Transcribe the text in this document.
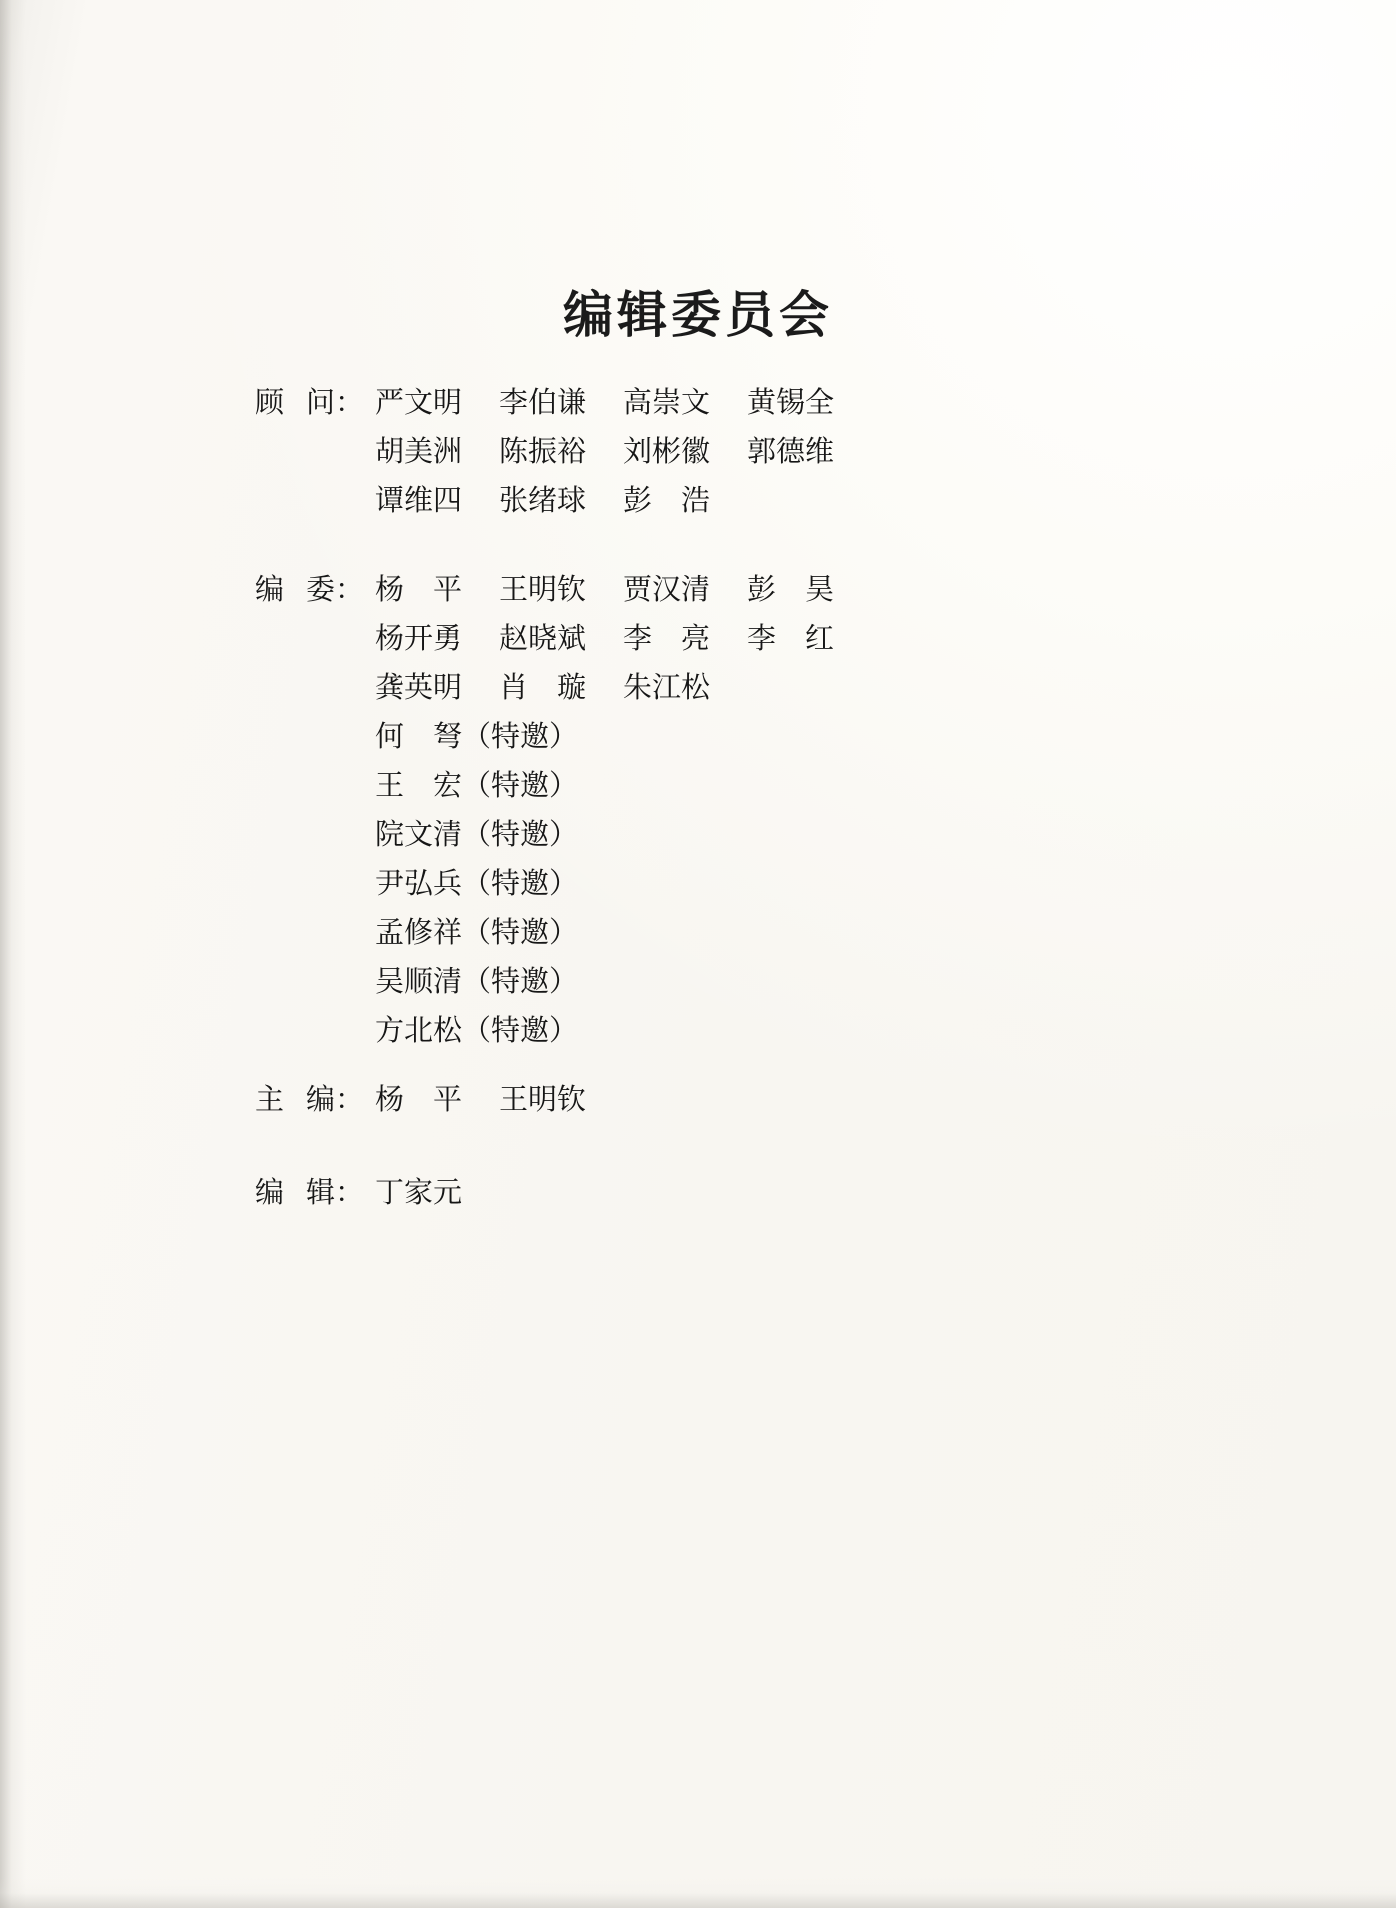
编辑委员会
顾 问： 严文明	李伯谦	高崇文	黄锡全
胡美洲	陈振裕	刘彬徽	郭德维
谭维四	张绪球	彭　浩
编 委： 杨　平	王明钦	贾汉清	彭　昊
杨开勇	赵晓斌	李　亮	李　红
龚英明	肖　璇	朱江松
何　弩（特邀）
王　宏（特邀）
院文清（特邀）
尹弘兵（特邀）
孟修祥（特邀）
吴顺清（特邀）
方北松（特邀）
主 编： 杨　平	王明钦
编 辑： 丁家元
